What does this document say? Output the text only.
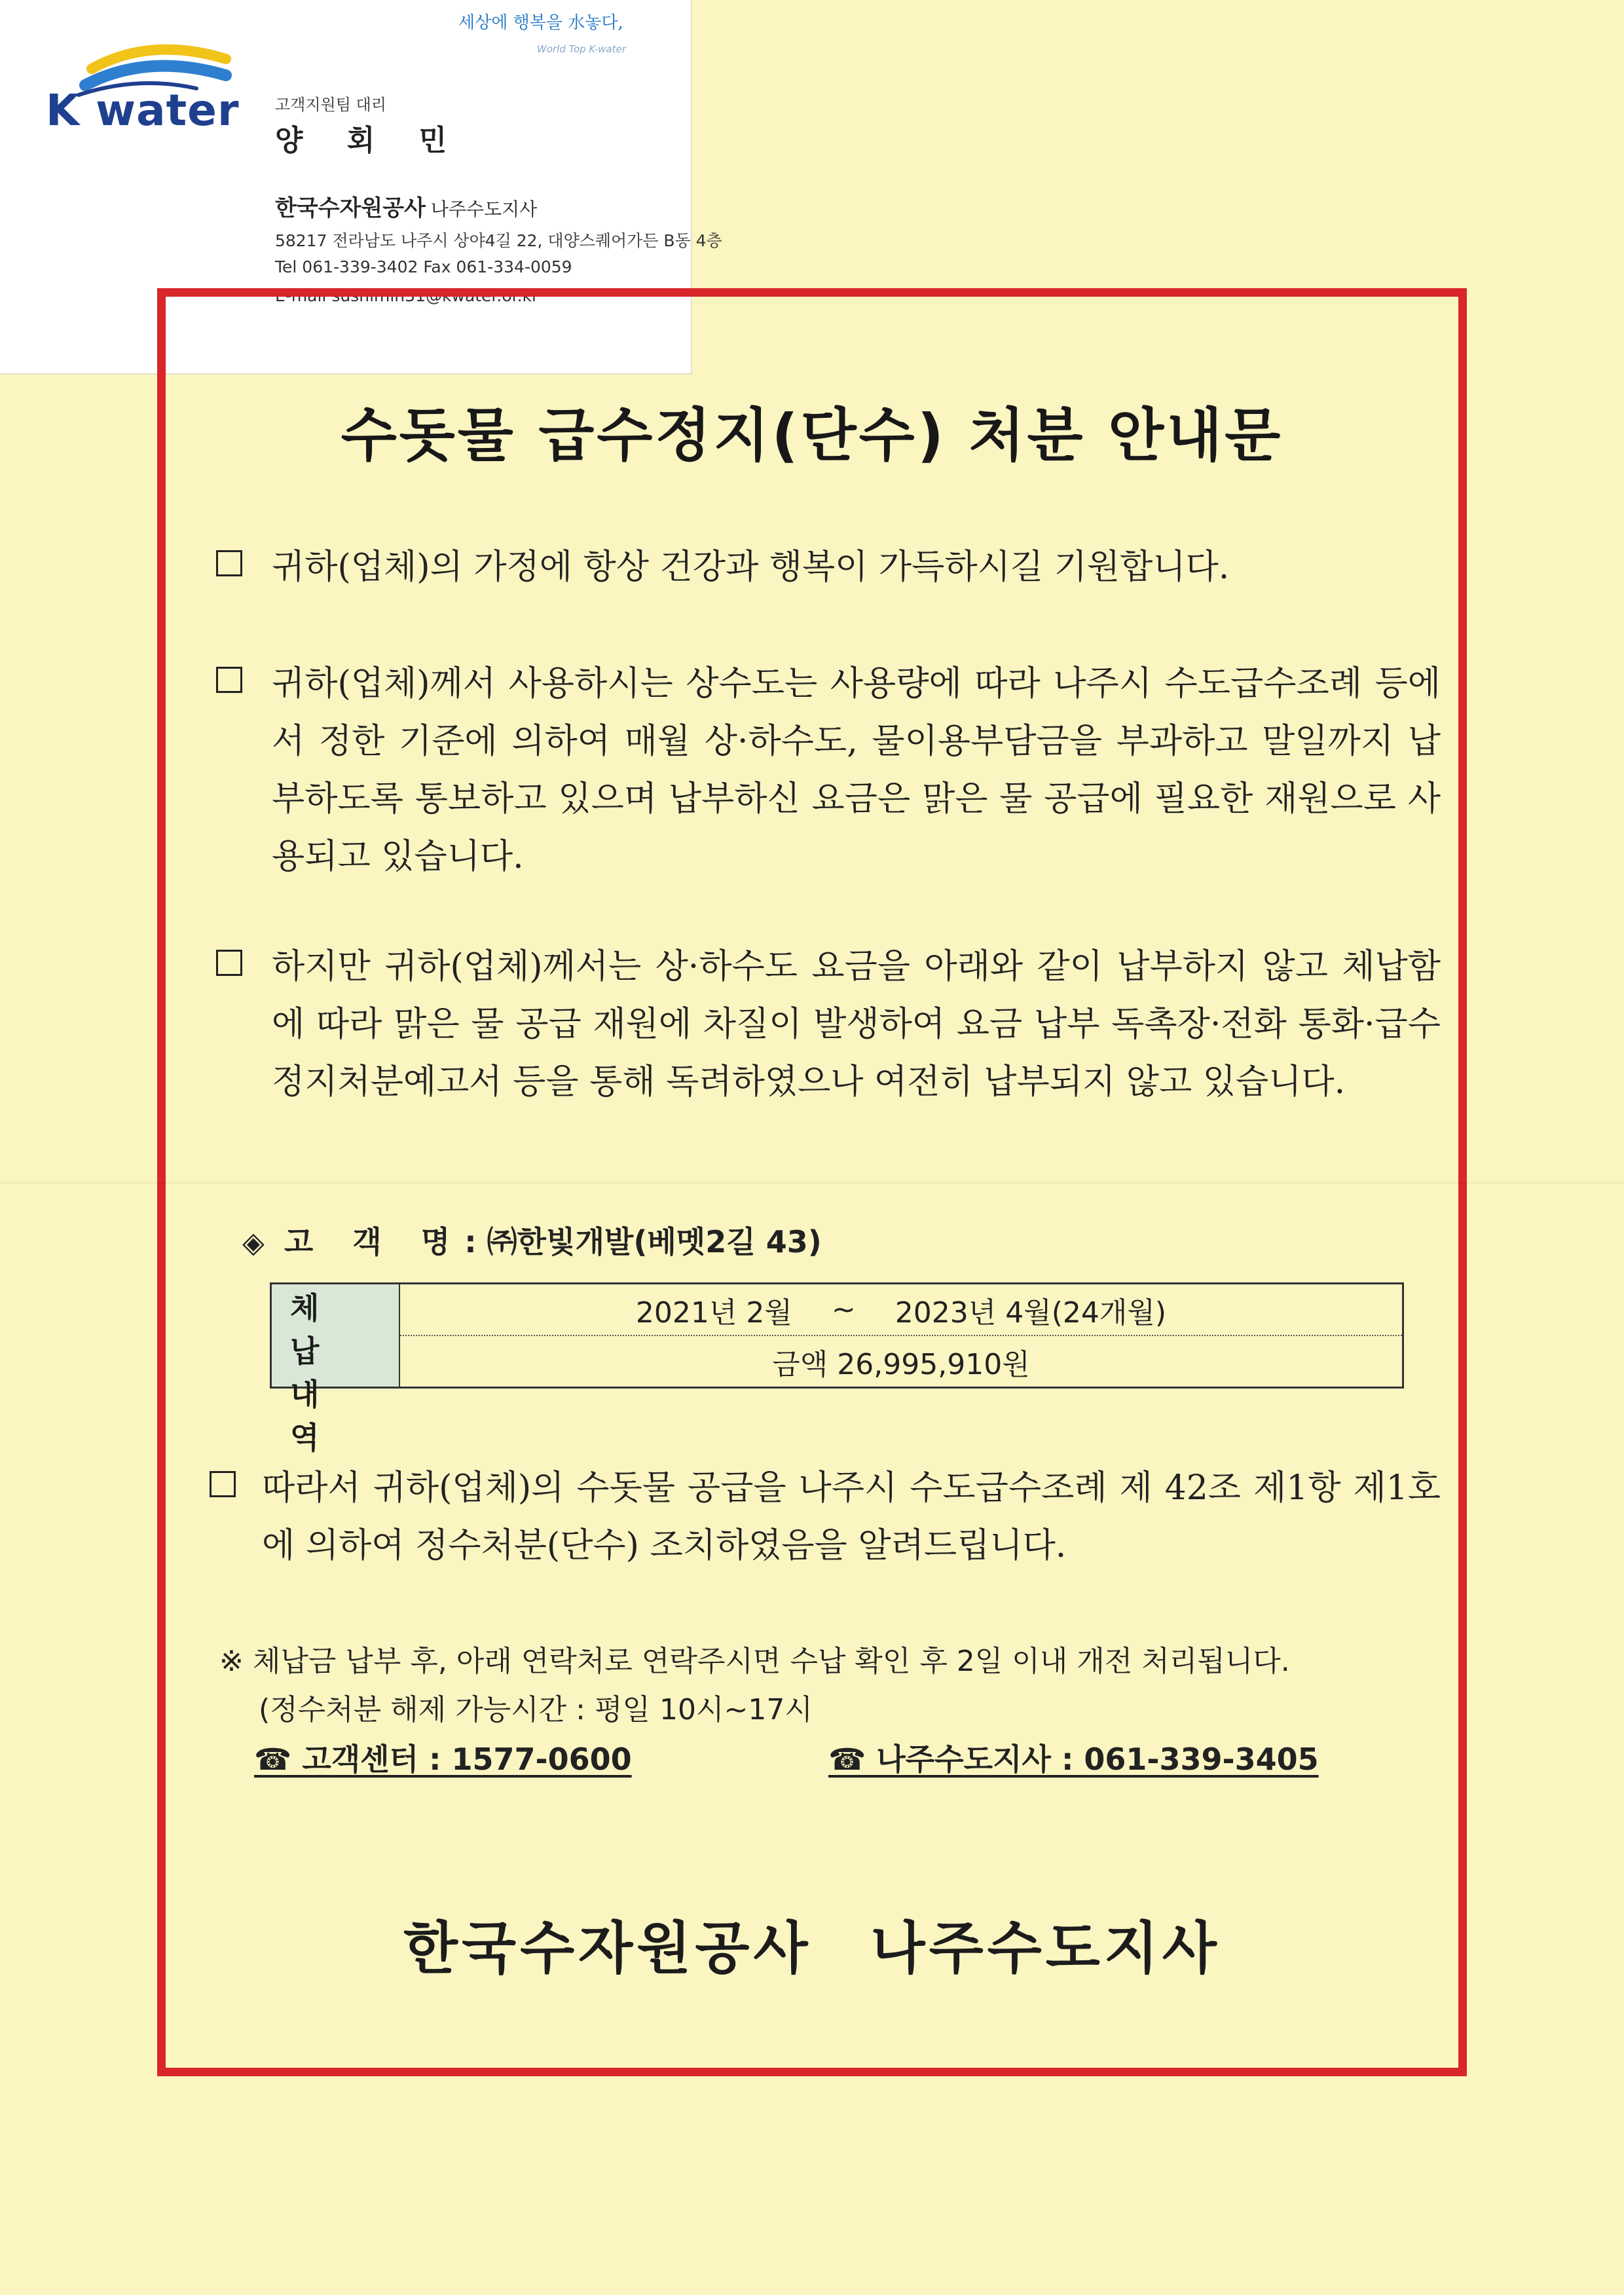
K water
세상에 행복을 水놓다,
World Top K-water
고객지원팀 대리
양 회 민
한국수자원공사 나주수도지사
58217 전라남도 나주시 상야4길 22, 대양스퀘어가든 B동 4층
Tel 061-339-3402 Fax 061-334-0059
E-mail sushimin31@kwater.or.kr
수돗물 급수정지(단수) 처분 안내문
귀하(업체)의 가정에 항상 건강과 행복이 가득하시길 기원합니다.
귀하(업체)께서 사용하시는 상수도는 사용량에 따라 나주시 수도급수조례 등에서 정한 기준에 의하여 매월 상·하수도, 물이용부담금을 부과하고 말일까지 납부하도록 통보하고 있으며 납부하신 요금은 맑은 물 공급에 필요한 재원으로 사용되고 있습니다.
하지만 귀하(업체)께서는 상·하수도 요금을 아래와 같이 납부하지 않고 체납함에 따라 맑은 물 공급 재원에 차질이 발생하여 요금 납부 독촉장·전화 통화·급수정지처분예고서 등을 통해 독려하였으나 여전히 납부되지 않고 있습니다.
◈ 고 객 명: ㈜한빛개발(베멧2길 43)
체 납
내 역
2021년 2월 ~ 2023년 4월(24개월)
금액 26,995,910원
따라서 귀하(업체)의 수돗물 공급을 나주시 수도급수조례 제 42조 제1항 제1호에 의하여 정수처분(단수) 조치하였음을 알려드립니다.
※ 체납금 납부 후, 아래 연락처로 연락주시면 수납 확인 후 2일 이내 개전 처리됩니다.
(정수처분 해제 가능시간 : 평일 10시~17시
☎ 고객센터 : 1577-0600	☎ 나주수도지사 : 061-339-3405
한국수자원공사 나주수도지사
